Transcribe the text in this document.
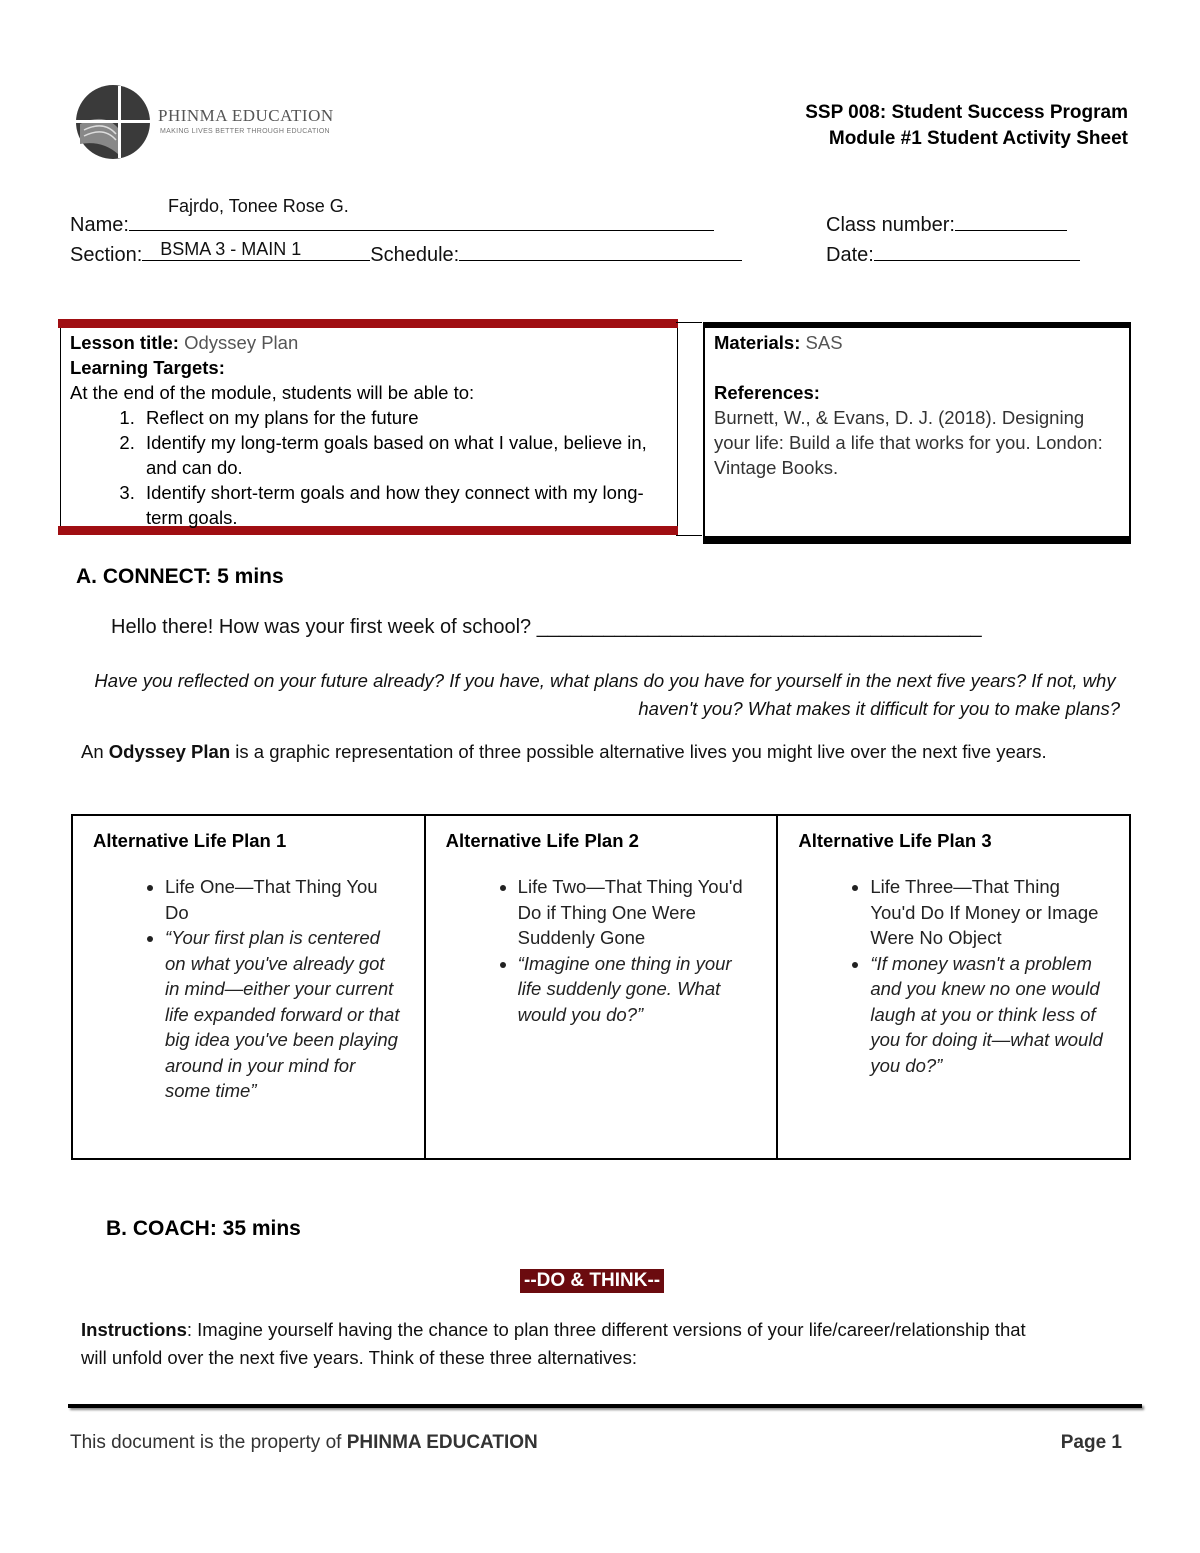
PHINMA EDUCATION
MAKING LIVES BETTER THROUGH EDUCATION
SSP 008: Student Success Program
Module #1 Student Activity Sheet
Fajrdo, Tonee Rose G.
Name:	Class number:
Section: BSMA 3 - MAIN 1	Schedule:	Date:
Lesson title: Odyssey Plan
Learning Targets:
At the end of the module, students will be able to:
1. Reflect on my plans for the future
2. Identify my long-term goals based on what I value, believe in, and can do.
3. Identify short-term goals and how they connect with my long-term goals.
Materials: SAS
References:
Burnett, W., & Evans, D. J. (2018). Designing your life: Build a life that works for you. London: Vintage Books.
A. CONNECT: 5 mins
Hello there! How was your first week of school? ________________________________________
Have you reflected on your future already? If you have, what plans do you have for yourself in the next five years? If not, why haven't you? What makes it difficult for you to make plans?
An Odyssey Plan is a graphic representation of three possible alternative lives you might live over the next five years.
Alternative Life Plan 1
• Life One—That Thing You Do
• “Your first plan is centered on what you've already got in mind—either your current life expanded forward or that big idea you've been playing around in your mind for some time”
Alternative Life Plan 2
• Life Two—That Thing You'd Do if Thing One Were Suddenly Gone
• “Imagine one thing in your life suddenly gone. What would you do?”
Alternative Life Plan 3
• Life Three—That Thing You'd Do If Money or Image Were No Object
• “If money wasn't a problem and you knew no one would laugh at you or think less of you for doing it—what would you do?”
B. COACH: 35 mins
--DO & THINK--
Instructions: Imagine yourself having the chance to plan three different versions of your life/career/relationship that will unfold over the next five years. Think of these three alternatives:
This document is the property of PHINMA EDUCATION	Page 1
